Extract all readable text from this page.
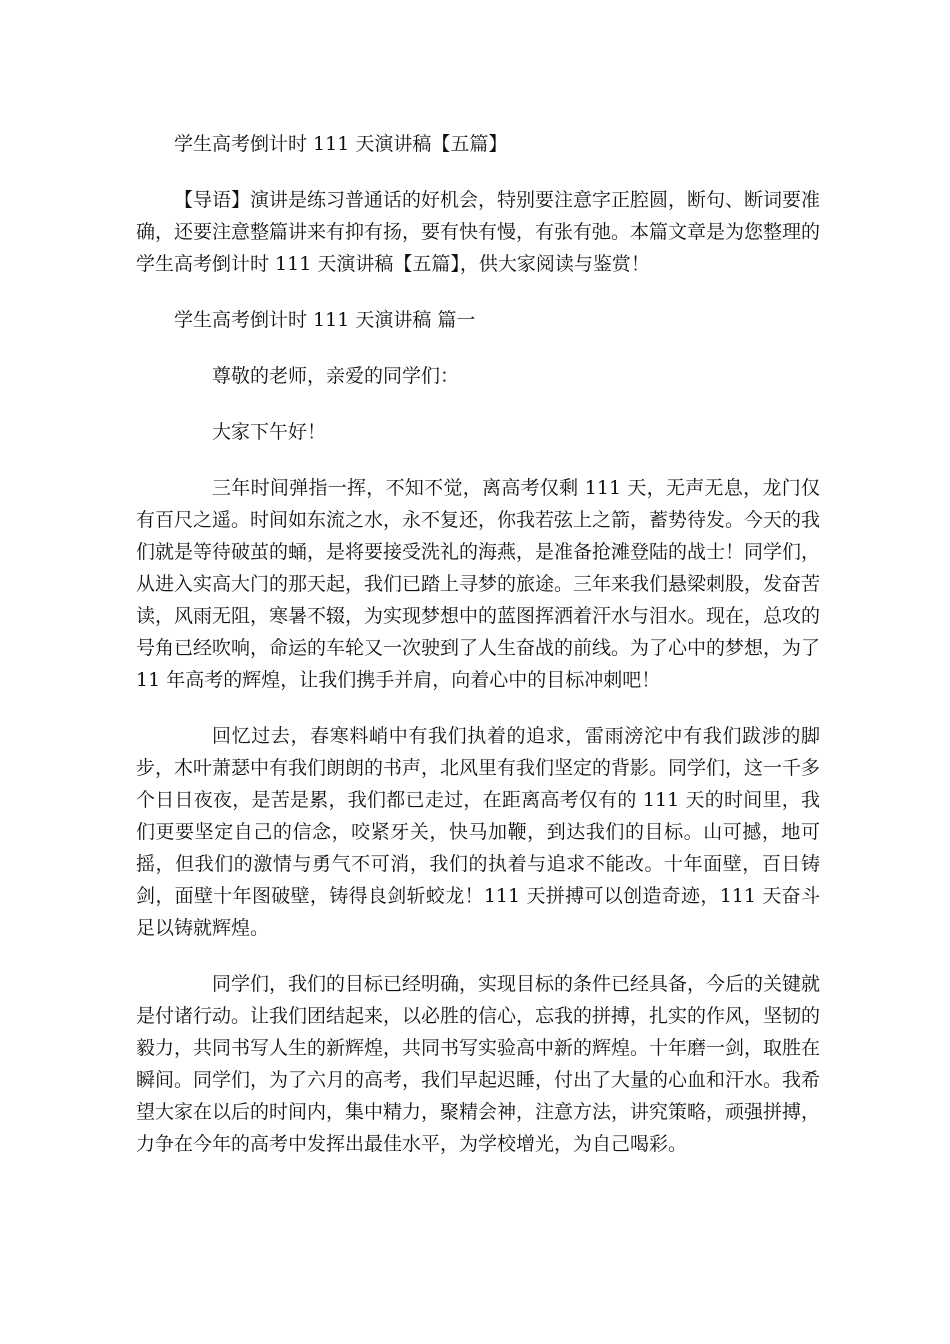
学生高考倒计时 111 天演讲稿【五篇】

【导语】演讲是练习普通话的好机会，特别要注意字正腔圆，断句、断词要准确，还要注意整篇讲来有抑有扬，要有快有慢，有张有弛。本篇文章是为您整理的学生高考倒计时 111 天演讲稿【五篇】，供大家阅读与鉴赏！

学生高考倒计时 111 天演讲稿 篇一

尊敬的老师，亲爱的同学们：

大家下午好！

三年时间弹指一挥，不知不觉，离高考仅剩 111 天，无声无息，龙门仅有百尺之遥。时间如东流之水，永不复还，你我若弦上之箭，蓄势待发。今天的我们就是等待破茧的蛹，是将要接受洗礼的海燕，是准备抢滩登陆的战士！同学们，从进入实高大门的那天起，我们已踏上寻梦的旅途。三年来我们悬梁刺股，发奋苦读，风雨无阻，寒暑不辍，为实现梦想中的蓝图挥洒着汗水与泪水。现在，总攻的号角已经吹响，命运的车轮又一次驶到了人生奋战的前线。为了心中的梦想，为了 11 年高考的辉煌，让我们携手并肩，向着心中的目标冲刺吧！

回忆过去，春寒料峭中有我们执着的追求，雷雨滂沱中有我们跋涉的脚步，木叶萧瑟中有我们朗朗的书声，北风里有我们坚定的背影。同学们，这一千多个日日夜夜，是苦是累，我们都已走过，在距离高考仅有的 111 天的时间里，我们更要坚定自己的信念，咬紧牙关，快马加鞭，到达我们的目标。山可撼，地可摇，但我们的激情与勇气不可消，我们的执着与追求不能改。十年面壁，百日铸剑，面壁十年图破壁，铸得良剑斩蛟龙！111 天拼搏可以创造奇迹，111 天奋斗足以铸就辉煌。

同学们，我们的目标已经明确，实现目标的条件已经具备，今后的关键就是付诸行动。让我们团结起来，以必胜的信心，忘我的拼搏，扎实的作风，坚韧的毅力，共同书写人生的新辉煌，共同书写实验高中新的辉煌。十年磨一剑，取胜在瞬间。同学们，为了六月的高考，我们早起迟睡，付出了大量的心血和汗水。我希望大家在以后的时间内，集中精力，聚精会神，注意方法，讲究策略，顽强拼搏，力争在今年的高考中发挥出最佳水平，为学校增光，为自己喝彩。
